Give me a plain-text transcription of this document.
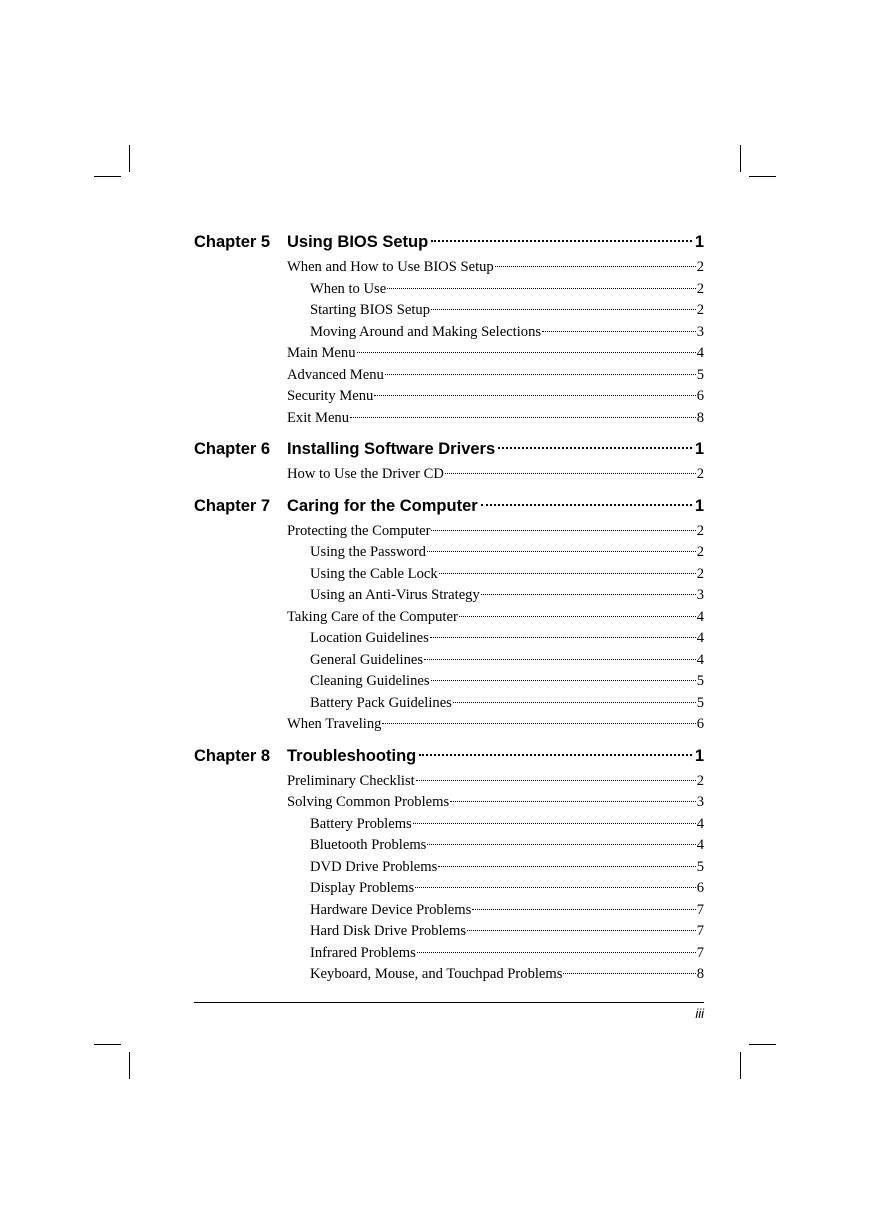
Chapter 5	Using BIOS Setup	1
When and How to Use BIOS Setup	2
When to Use	2
Starting BIOS Setup	2
Moving Around and Making Selections	3
Main Menu	4
Advanced Menu	5
Security Menu	6
Exit Menu	8
Chapter 6	Installing Software Drivers	1
How to Use the Driver CD	2
Chapter 7	Caring for the Computer	1
Protecting the Computer	2
Using the Password	2
Using the Cable Lock	2
Using an Anti-Virus Strategy	3
Taking Care of the Computer	4
Location Guidelines	4
General Guidelines	4
Cleaning Guidelines	5
Battery Pack Guidelines	5
When Traveling	6
Chapter 8	Troubleshooting	1
Preliminary Checklist	2
Solving Common Problems	3
Battery Problems	4
Bluetooth Problems	4
DVD Drive Problems	5
Display Problems	6
Hardware Device Problems	7
Hard Disk Drive Problems	7
Infrared Problems	7
Keyboard, Mouse, and Touchpad Problems	8
iii
